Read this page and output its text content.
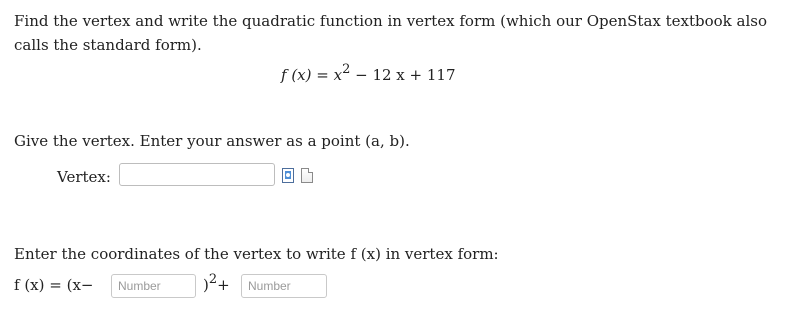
Find the vertex and write the quadratic function in vertex form (which our OpenStax textbook also calls the standard form).
f (x) = x2 − 12 x + 117
Give the vertex. Enter your answer as a point (a, b).
Vertex:
Enter the coordinates of the vertex to write f (x) in vertex form:
f (x) = (x−
Number	)2+
Number
